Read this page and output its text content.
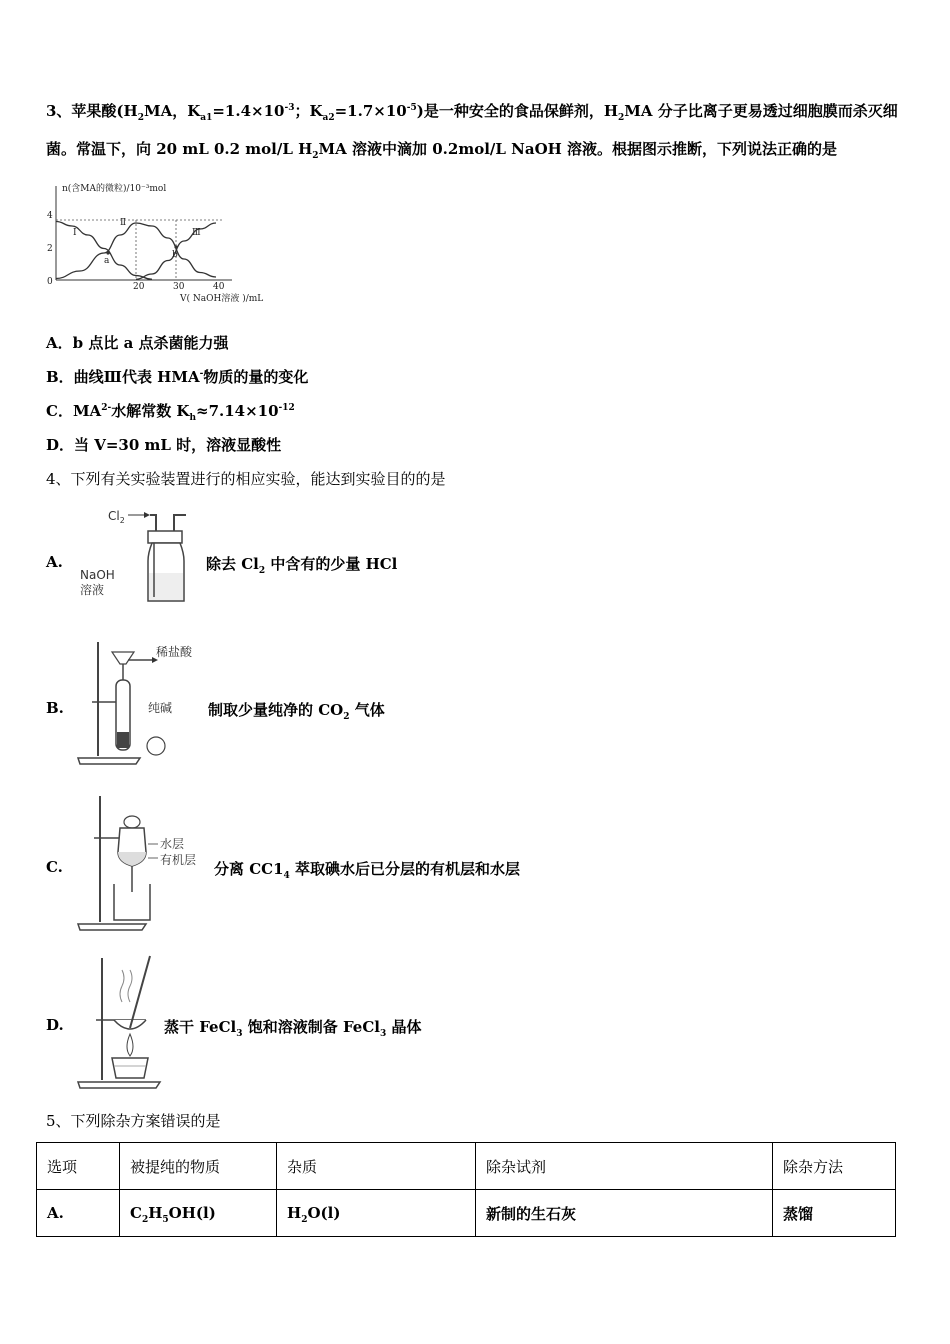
3、苹果酸($H_2MA$，$K_{a1}=1.4\times 10^{-3}$；$K_{a2}=1.7\times 10^{-5}$)是一种安全的食品保鲜剂，$H_2MA$ 分子比离子更易透过细胞膜而杀灭细
菌。常温下，向 20 mL 0.2 mol/L $H_2MA$ 溶液中滴加 0.2mol/L NaOH 溶液。根据图示推断，下列说法正确的是
n(含MA的微粒)/10⁻³mol
V( NaOH溶液 )/mL
4
2
0	20	30	40
Ⅰ
Ⅱ
Ⅲ
a
b
A．b 点比 a 点杀菌能力强
B．曲线Ⅲ代表 HMA-物质的量的变化
C．$MA^{2-}$水解常数 $K_h\approx 7.14\times 10^{-12}$
D．当 V=30 mL 时，溶液显酸性
4、下列有关实验装置进行的相应实验，能达到实验目的的是
A.
$Cl_2$
NaOH
溶液
除去 $Cl_2$ 中含有的少量 HCl
B.
稀盐酸
纯碱 制取少量纯净的 $CO_2$ 气体
C.
水层
有机层 分离 $CC1_4$ 萃取碘水后已分层的有机层和水层
D.	蒸干 FeCl$_3$ 饱和溶液制备 FeCl$_3$ 晶体
5、下列除杂方案错误的是
选项	被提纯的物质	杂质	除杂试剂	除杂方法
A.	$C_2H_5OH(l)$	$H_2O(l)$	新制的生石灰	蒸馏
